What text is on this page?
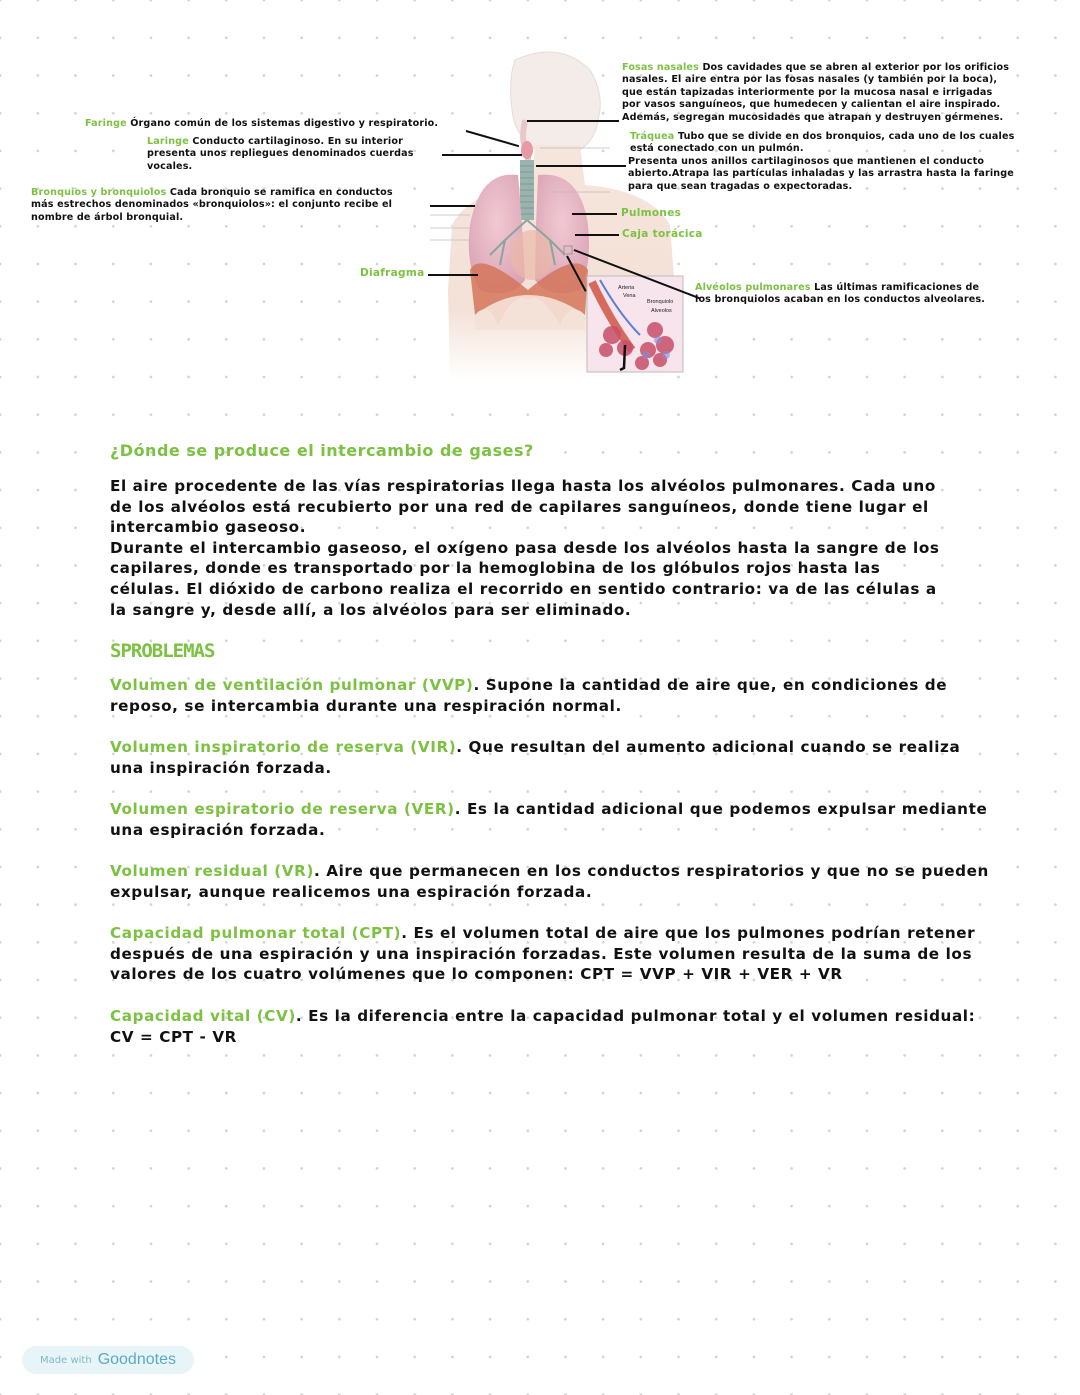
Arteria
Vena
Bronquiolo
Alveolos
Faringe Órgano común de los sistemas digestivo y respiratorio.
Laringe Conducto cartilaginoso. En su interior
presenta unos repliegues denominados cuerdas
vocales.
Bronquios y bronquiolos Cada bronquio se ramifica en conductos
más estrechos denominados «bronquiolos»: el conjunto recibe el
nombre de árbol bronquial.
Diafragma
Fosas nasales Dos cavidades que se abren al exterior por los orificios
nasales. El aire entra por las fosas nasales (y también por la boca),
que están tapizadas interiormente por la mucosa nasal e irrigadas
por vasos sanguíneos, que humedecen y calientan el aire inspirado.
Además, segregan mucosidades que atrapan y destruyen gérmenes.
Tráquea Tubo que se divide en dos bronquios, cada uno de los cuales
está conectado con un pulmón.
Presenta unos anillos cartilaginosos que mantienen el conducto
abierto.Atrapa las partículas inhaladas y las arrastra hasta la faringe
para que sean tragadas o expectoradas.
Pulmones
Caja torácica
Alvéolos pulmonares Las últimas ramificaciones de
los bronquiolos acaban en los conductos alveolares.
¿Dónde se produce el intercambio de gases?
El aire procedente de las vías respiratorias llega hasta los alvéolos pulmonares. Cada uno
de los alvéolos está recubierto por una red de capilares sanguíneos, donde tiene lugar el
intercambio gaseoso.
Durante el intercambio gaseoso, el oxígeno pasa desde los alvéolos hasta la sangre de los
capilares, donde es transportado por la hemoglobina de los glóbulos rojos hasta las
células. El dióxido de carbono realiza el recorrido en sentido contrario: va de las células a
la sangre y, desde allí, a los alvéolos para ser eliminado.
SPROBLEMAS
Volumen de ventilación pulmonar (VVP). Supone la cantidad de aire que, en condiciones de
reposo, se intercambia durante una respiración normal.
Volumen inspiratorio de reserva (VIR). Que resultan del aumento adicional cuando se realiza
una inspiración forzada.
Volumen espiratorio de reserva (VER). Es la cantidad adicional que podemos expulsar mediante
una espiración forzada.
Volumen residual (VR). Aire que permanecen en los conductos respiratorios y que no se pueden
expulsar, aunque realicemos una espiración forzada.
Capacidad pulmonar total (CPT). Es el volumen total de aire que los pulmones podrían retener
después de una espiración y una inspiración forzadas. Este volumen resulta de la suma de los
valores de los cuatro volúmenes que lo componen: CPT = VVP + VIR + VER + VR
Capacidad vital (CV). Es la diferencia entre la capacidad pulmonar total y el volumen residual:
CV = CPT - VR
Made with Goodnotes
